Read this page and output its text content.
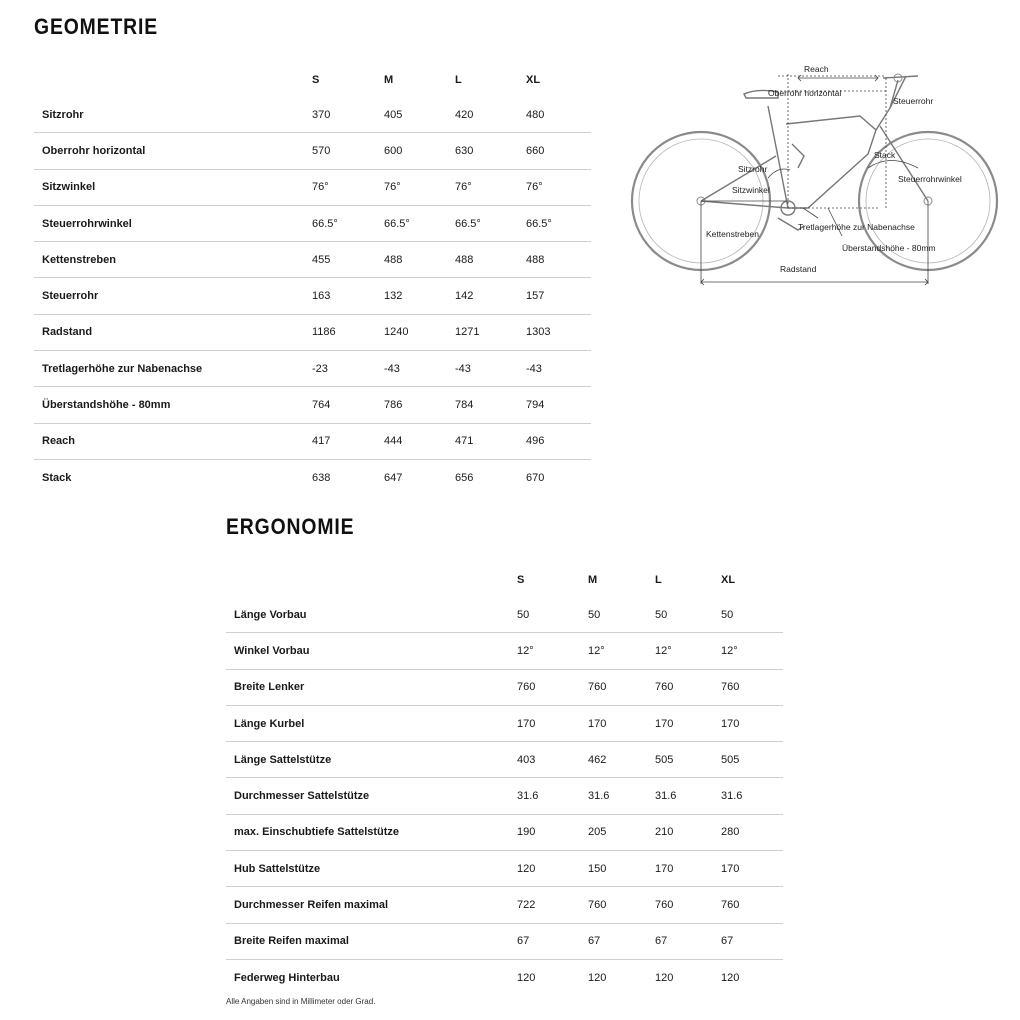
GEOMETRIE
	S	M	L	XL
Sitzrohr	370	405	420	480
Oberrohr horizontal	570	600	630	660
Sitzwinkel	76°	76°	76°	76°
Steuerrohrwinkel	66.5°	66.5°	66.5°	66.5°
Kettenstreben	455	488	488	488
Steuerrohr	163	132	142	157
Radstand	1186	1240	1271	1303
Tretlagerhöhe zur Nabenachse	-23	-43	-43	-43
Überstandshöhe - 80mm	764	786	784	794
Reach	417	444	471	496
Stack	638	647	656	670
Reach
Oberrohr horizontal
Steuerrohr
Stack
Steuerrohrwinkel
Sitzrohr
Sitzwinkel
Kettenstreben
Tretlagerhöhe zur Nabenachse
Überstandshöhe - 80mm
Radstand
ERGONOMIE
	S	M	L	XL
Länge Vorbau	50	50	50	50
Winkel Vorbau	12°	12°	12°	12°
Breite Lenker	760	760	760	760
Länge Kurbel	170	170	170	170
Länge Sattelstütze	403	462	505	505
Durchmesser Sattelstütze	31.6	31.6	31.6	31.6
max. Einschubtiefe Sattelstütze	190	205	210	280
Hub Sattelstütze	120	150	170	170
Durchmesser Reifen maximal	722	760	760	760
Breite Reifen maximal	67	67	67	67
Federweg Hinterbau	120	120	120	120
Alle Angaben sind in Millimeter oder Grad.
